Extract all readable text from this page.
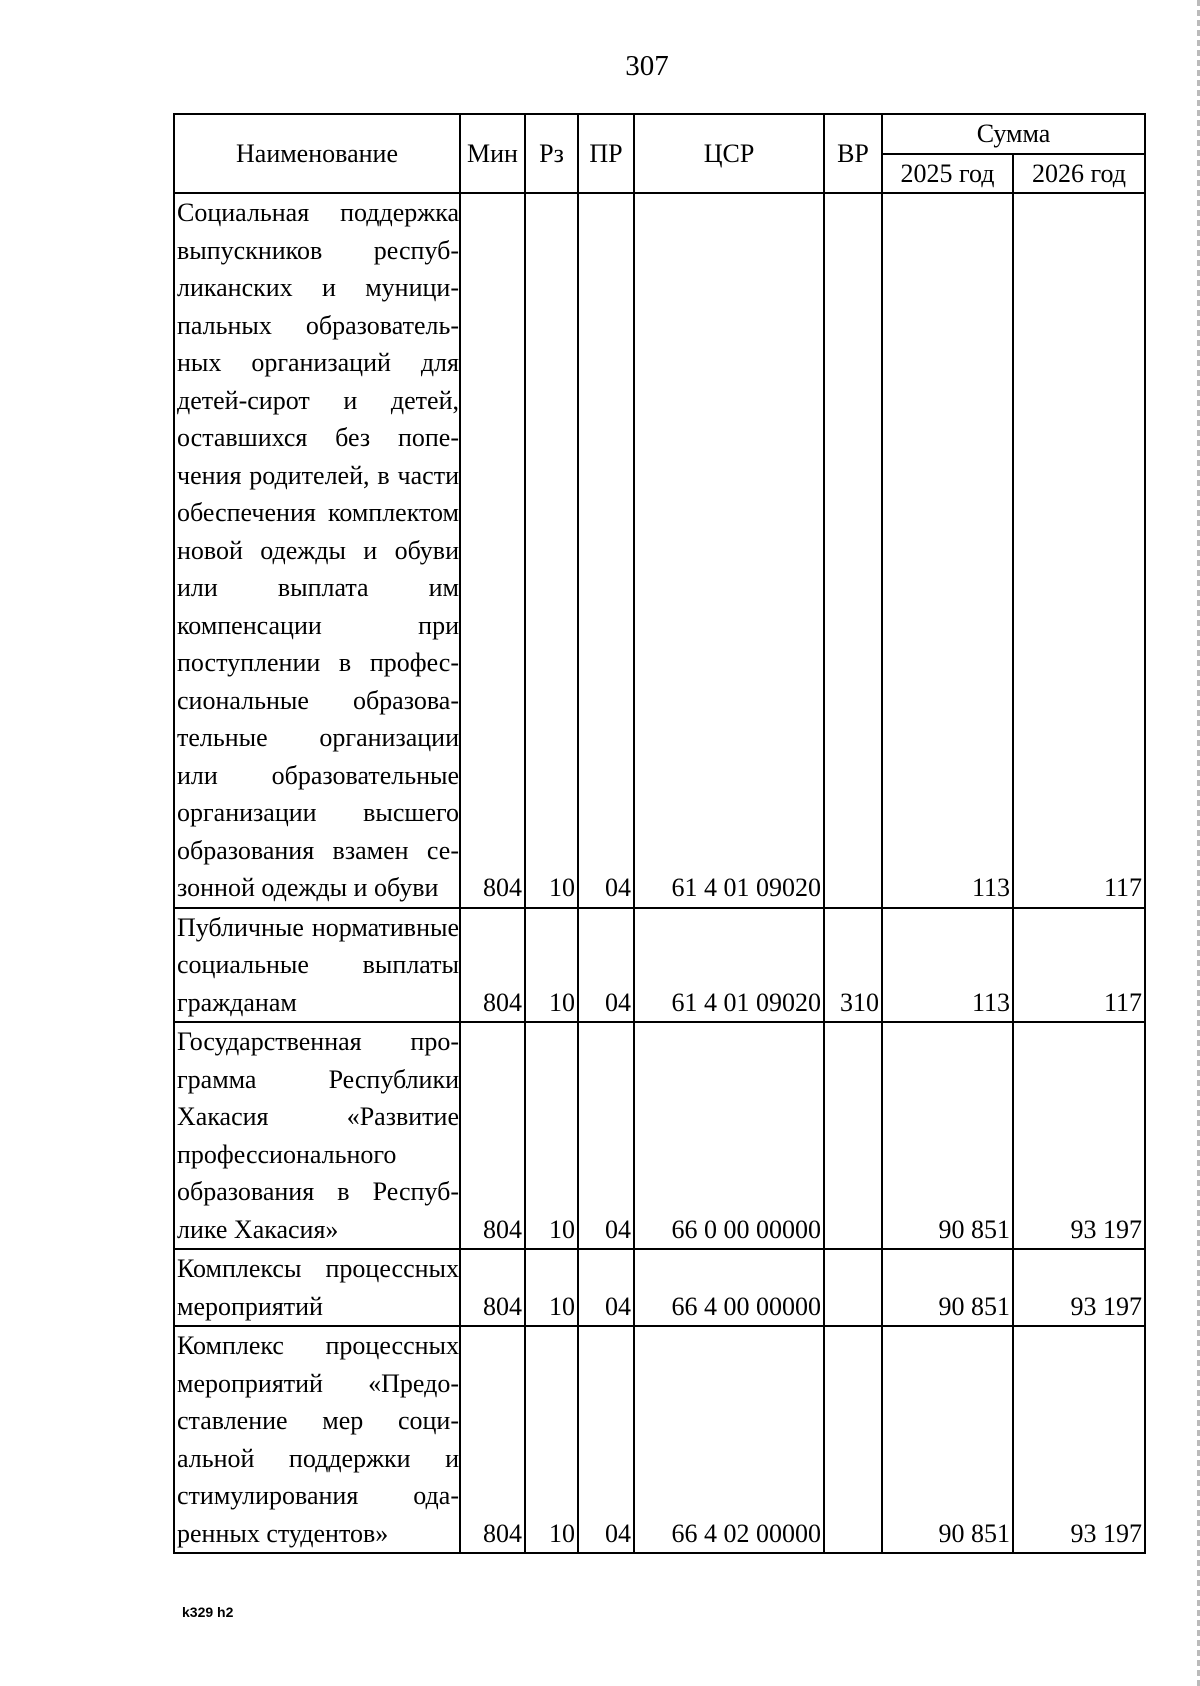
307
Наименование	Мин	Рз	ПР	ЦСР	ВР	Сумма	
						2025 год	2026 год
Социальная поддержка выпускников республиканских и муниципальных образовательных организаций для детей-сирот и детей, оставшихся без попечения родителей, в части обеспечения комплектом новой одежды и обуви или выплата им компенсации при поступлении в профессиональные образовательные организации или образовательные организации высшего образования взамен сезонной одежды и обуви	804	10	04	61 4 01 09020		113	117
Публичные нормативные социальные выплаты гражданам	804	10	04	61 4 01 09020	310	113	117
Государственная программа Республики Хакасия «Развитие профессионального образования в Республике Хакасия»	804	10	04	66 0 00 00000		90 851	93 197
Комплексы процессных мероприятий	804	10	04	66 4 00 00000		90 851	93 197
Комплекс процессных мероприятий «Предоставление мер социальной поддержки и стимулирования одаренных студентов»	804	10	04	66 4 02 00000		90 851	93 197
k329 h2
